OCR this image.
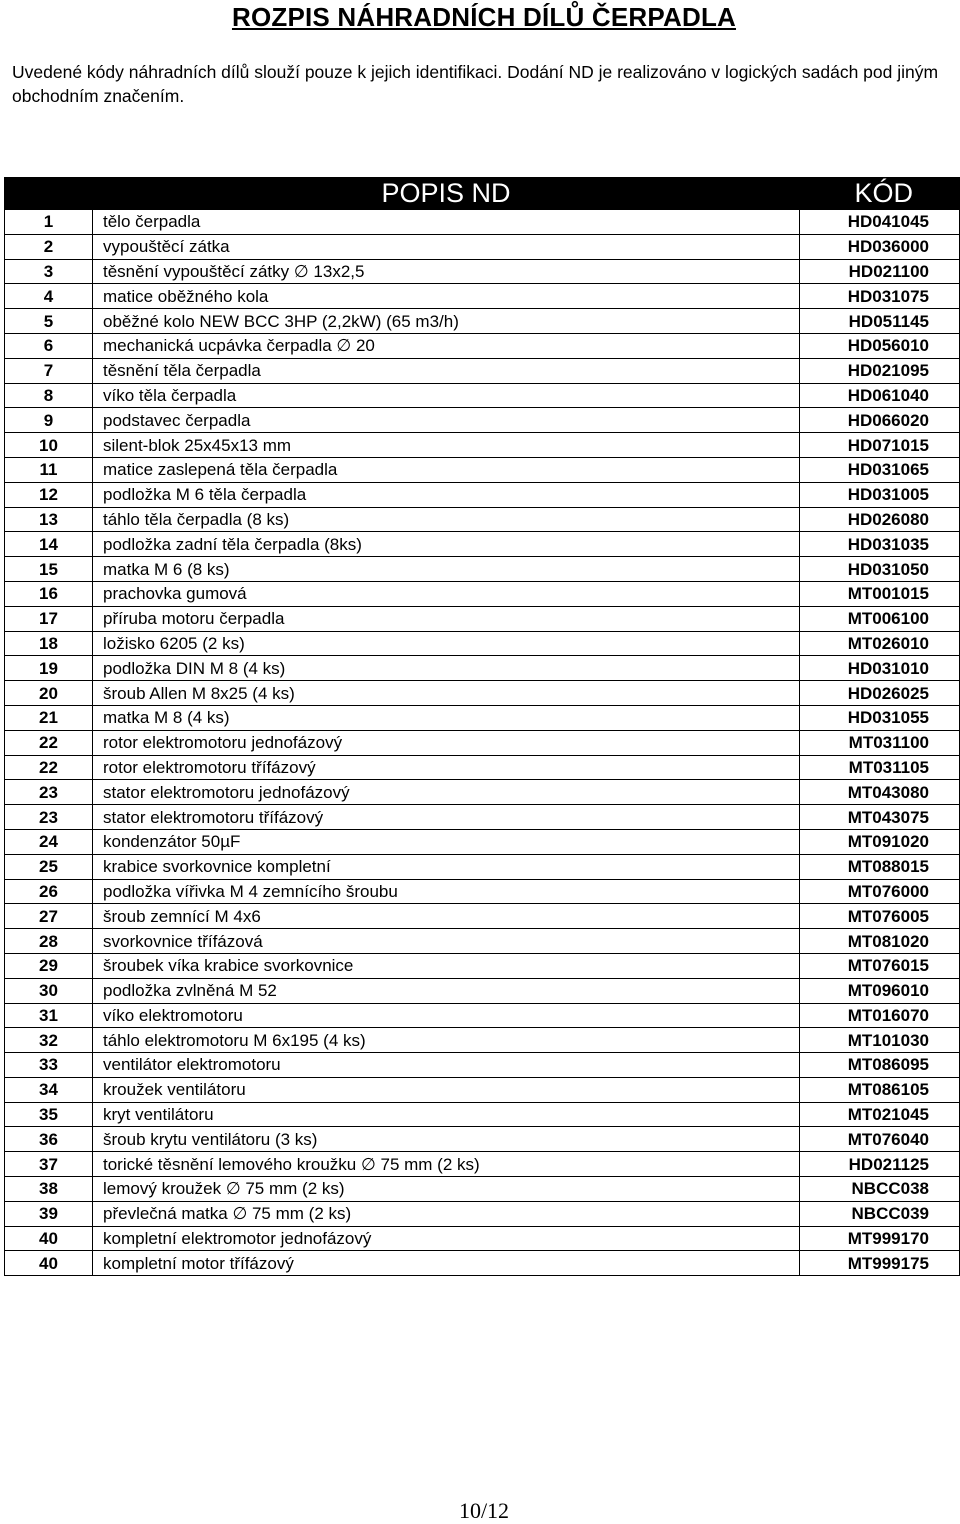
ROZPIS NÁHRADNÍCH DÍLŮ ČERPADLA
Uvedené kódy náhradních dílů slouží pouze k jejich identifikaci. Dodání ND je realizováno v logických sadách pod jiným obchodním značením.
	POPIS ND	KÓD
1	tělo čerpadla	HD041045
2	vypouštěcí zátka	HD036000
3	těsnění vypouštěcí zátky ∅ 13x2,5	HD021100
4	matice oběžného kola	HD031075
5	oběžné kolo NEW BCC 3HP (2,2kW) (65 m3/h)	HD051145
6	mechanická ucpávka čerpadla ∅ 20	HD056010
7	těsnění těla čerpadla	HD021095
8	víko těla čerpadla	HD061040
9	podstavec čerpadla	HD066020
10	silent-blok 25x45x13 mm	HD071015
11	matice zaslepená těla čerpadla	HD031065
12	podložka M 6 těla čerpadla	HD031005
13	táhlo těla čerpadla (8 ks)	HD026080
14	podložka zadní těla čerpadla (8ks)	HD031035
15	matka M 6 (8 ks)	HD031050
16	prachovka gumová	MT001015
17	příruba motoru čerpadla	MT006100
18	ložisko 6205 (2 ks)	MT026010
19	podložka DIN M 8 (4 ks)	HD031010
20	šroub Allen M 8x25 (4 ks)	HD026025
21	matka M 8 (4 ks)	HD031055
22	rotor elektromotoru jednofázový	MT031100
22	rotor elektromotoru třífázový	MT031105
23	stator elektromotoru jednofázový	MT043080
23	stator elektromotoru třífázový	MT043075
24	kondenzátor 50µF	MT091020
25	krabice svorkovnice kompletní	MT088015
26	podložka vířivka M 4 zemnícího šroubu	MT076000
27	šroub zemnící M 4x6	MT076005
28	svorkovnice třífázová	MT081020
29	šroubek víka krabice svorkovnice	MT076015
30	podložka zvlněná M 52	MT096010
31	víko elektromotoru	MT016070
32	táhlo elektromotoru M 6x195 (4 ks)	MT101030
33	ventilátor elektromotoru	MT086095
34	kroužek ventilátoru	MT086105
35	kryt ventilátoru	MT021045
36	šroub krytu ventilátoru (3 ks)	MT076040
37	torické těsnění lemového kroužku ∅ 75 mm (2 ks)	HD021125
38	lemový kroužek ∅ 75 mm (2 ks)	NBCC038
39	převlečná matka ∅ 75 mm (2 ks)	NBCC039
40	kompletní elektromotor jednofázový	MT999170
40	kompletní motor třífázový	MT999175
10/12
